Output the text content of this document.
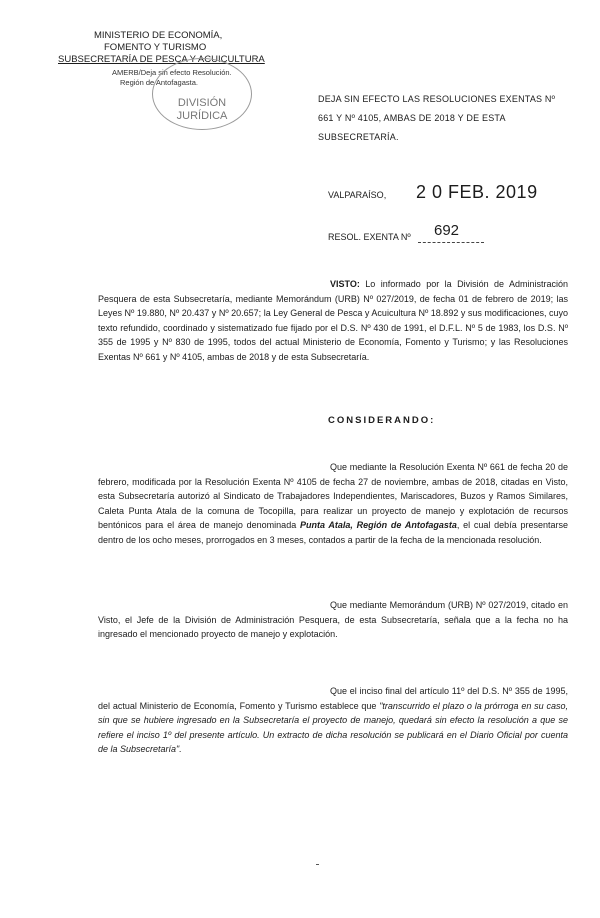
MINISTERIO DE ECONOMÍA,
FOMENTO Y TURISMO
SUBSECRETARÍA DE PESCA Y ACUICULTURA
AMERB/Deja sin efecto Resolución.
Región de Antofagasta.
DIVISIÓN
JURÍDICA
DEJA SIN EFECTO LAS RESOLUCIONES EXENTAS Nº 661 Y Nº 4105, AMBAS DE 2018 Y DE ESTA SUBSECRETARÍA.
VALPARAÍSO, 2 0 FEB. 2019
RESOL. EXENTA Nº 692

VISTO: Lo informado por la División de Administración Pesquera de esta Subsecretaría, mediante Memorándum (URB) Nº 027/2019, de fecha 01 de febrero de 2019; las Leyes Nº 19.880, Nº 20.437 y Nº 20.657; la Ley General de Pesca y Acuicultura Nº 18.892 y sus modificaciones, cuyo texto refundido, coordinado y sistematizado fue fijado por el D.S. Nº 430 de 1991, el D.F.L. Nº 5 de 1983, los D.S. Nº 355 de 1995 y Nº 830 de 1995, todos del actual Ministerio de Economía, Fomento y Turismo; y las Resoluciones Exentas Nº 661 y Nº 4105, ambas de 2018 y de esta Subsecretaría.

CONSIDERANDO:

Que mediante la Resolución Exenta Nº 661 de fecha 20 de febrero, modificada por la Resolución Exenta Nº 4105 de fecha 27 de noviembre, ambas de 2018, citadas en Visto, esta Subsecretaría autorizó al Sindicato de Trabajadores Independientes, Mariscadores, Buzos y Ramos Similares, Caleta Punta Atala de la comuna de Tocopilla, para realizar un proyecto de manejo y explotación de recursos bentónicos para el área de manejo denominada Punta Atala, Región de Antofagasta, el cual debía presentarse dentro de los ocho meses, prorrogados en 3 meses, contados a partir de la fecha de la mencionada resolución.

Que mediante Memorándum (URB) Nº 027/2019, citado en Visto, el Jefe de la División de Administración Pesquera, de esta Subsecretaría, señala que a la fecha no ha ingresado el mencionado proyecto de manejo y explotación.

Que el inciso final del artículo 11º del D.S. Nº 355 de 1995, del actual Ministerio de Economía, Fomento y Turismo establece que "transcurrido el plazo o la prórroga en su caso, sin que se hubiere ingresado en la Subsecretaría el proyecto de manejo, quedará sin efecto la resolución a que se refiere el inciso 1º del presente artículo. Un extracto de dicha resolución se publicará en el Diario Oficial por cuenta de la Subsecretaría".
